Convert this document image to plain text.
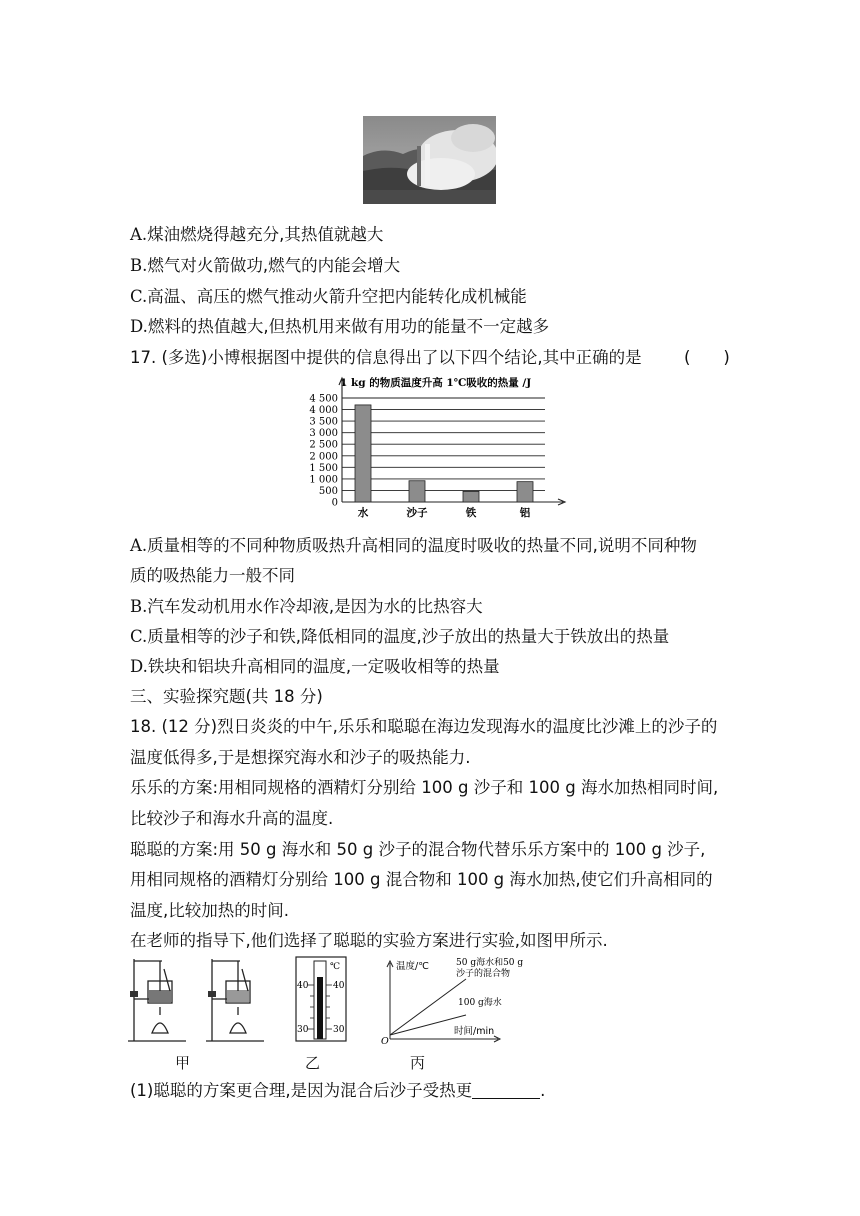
A.煤油燃烧得越充分,其热值就越大
B.燃气对火箭做功,燃气的内能会增大
C.高温、高压的燃气推动火箭升空把内能转化成机械能
D.燃料的热值越大,但热机用来做有用功的能量不一定越多
17. (多选)小博根据图中提供的信息得出了以下四个结论,其中正确的是	(　　)
1 kg 的物质温度升高 1℃吸收的热量 /J
0
500
1 000
1 500
2 000
2 500
3 000
3 500
4 000
4 500
水	沙子	铁	铝
A.质量相等的不同种物质吸热升高相同的温度时吸收的热量不同,说明不同种物
质的吸热能力一般不同
B.汽车发动机用水作冷却液,是因为水的比热容大
C.质量相等的沙子和铁,降低相同的温度,沙子放出的热量大于铁放出的热量
D.铁块和铝块升高相同的温度,一定吸收相等的热量
三、实验探究题(共 18 分)
18. (12 分)烈日炎炎的中午,乐乐和聪聪在海边发现海水的温度比沙滩上的沙子的
温度低得多,于是想探究海水和沙子的吸热能力.
乐乐的方案:用相同规格的酒精灯分别给 100 g 沙子和 100 g 海水加热相同时间,
比较沙子和海水升高的温度.
聪聪的方案:用 50 g 海水和 50 g 沙子的混合物代替乐乐方案中的 100 g 沙子,
用相同规格的酒精灯分别给 100 g 混合物和 100 g 海水加热,使它们升高相同的
温度,比较加热的时间.
在老师的指导下,他们选择了聪聪的实验方案进行实验,如图甲所示.
℃
40	40
30	30
温度/℃
时间/min
O
50 g海水和50 g
沙子的混合物
100 g海水
甲	乙	丙
(1)聪聪的方案更合理,是因为混合后沙子受热更	.
